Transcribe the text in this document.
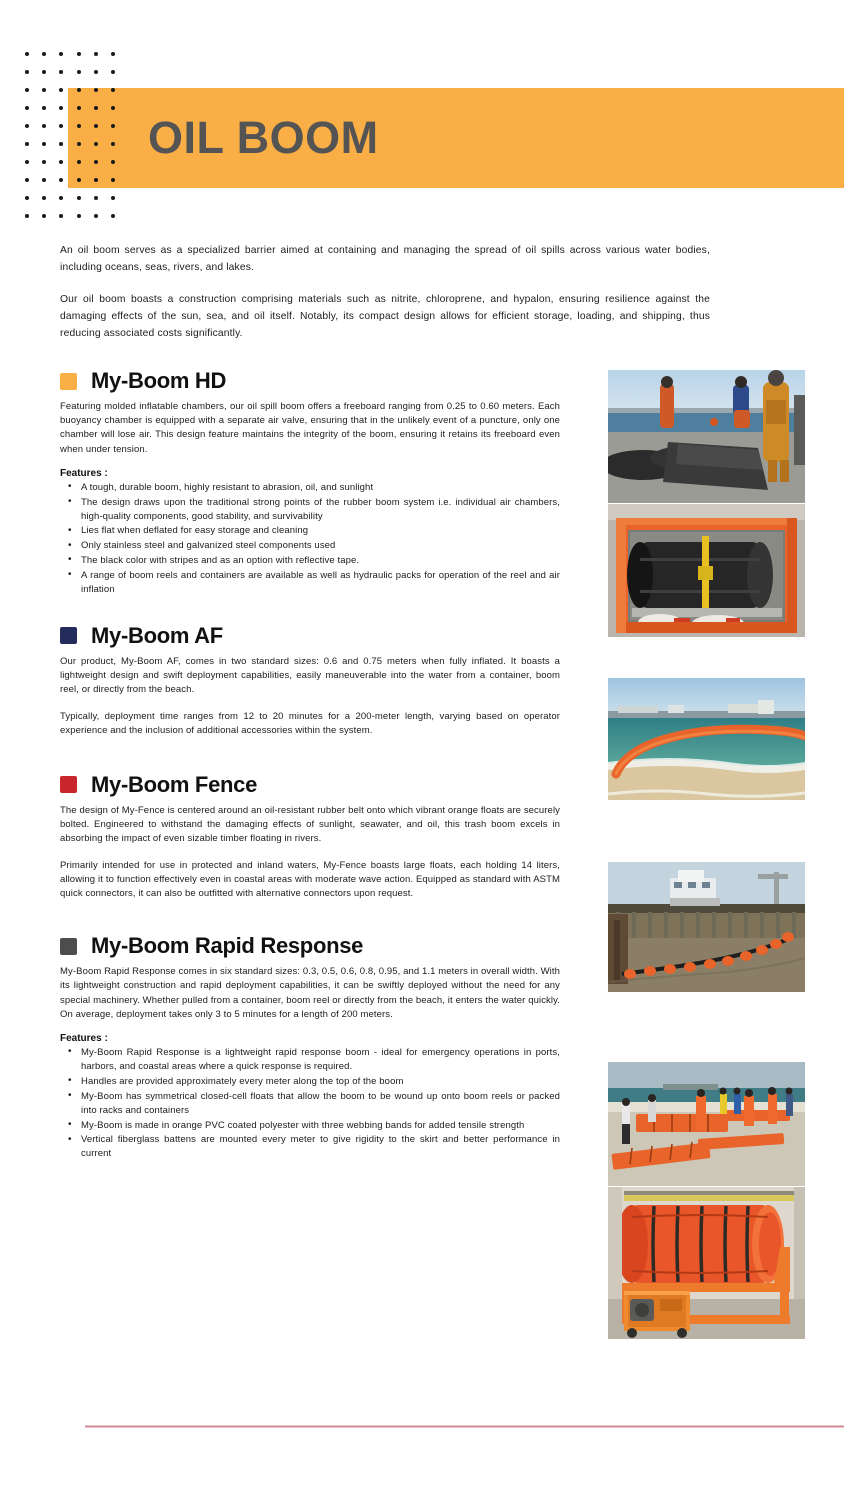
OIL BOOM

An oil boom serves as a specialized barrier aimed at containing and managing the spread of oil spills across various water bodies, including oceans, seas, rivers, and lakes.

Our oil boom boasts a construction comprising materials such as nitrite, chloroprene, and hypalon, ensuring resilience against the damaging effects of the sun, sea, and oil itself. Notably, its compact design allows for efficient storage, loading, and shipping, thus reducing associated costs significantly.

My-Boom HD

Featuring molded inflatable chambers, our oil spill boom offers a freeboard ranging from 0.25 to 0.60 meters. Each buoyancy chamber is equipped with a separate air valve, ensuring that in the unlikely event of a puncture, only one chamber will lose air. This design feature maintains the integrity of the boom, ensuring it retains its freeboard even when under tension.

Features :
• A tough, durable boom, highly resistant to abrasion, oil, and sunlight
• The design draws upon the traditional strong points of the rubber boom system i.e. individual air chambers, high-quality components, good stability, and survivability
• Lies flat when deflated for easy storage and cleaning
• Only stainless steel and galvanized steel components used
• The black color with stripes and as an option with reflective tape.
• A range of boom reels and containers are available as well as hydraulic packs for operation of the reel and air inflation
My-Boom AF

Our product, My-Boom AF, comes in two standard sizes: 0.6 and 0.75 meters when fully inflated. It boasts a lightweight design and swift deployment capabilities, easily maneuverable into the water from a container, boom reel, or directly from the beach.

Typically, deployment time ranges from 12 to 20 minutes for a 200-meter length, varying based on operator experience and the inclusion of additional accessories within the system.

My-Boom Fence

The design of My-Fence is centered around an oil-resistant rubber belt onto which vibrant orange floats are securely bolted. Engineered to withstand the damaging effects of sunlight, seawater, and oil, this trash boom excels in absorbing the impact of even sizable timber floating in rivers.

Primarily intended for use in protected and inland waters, My-Fence boasts large floats, each holding 14 liters, allowing it to function effectively even in coastal areas with moderate wave action. Equipped as standard with ASTM quick connectors, it can also be outfitted with alternative connectors upon request.

My-Boom Rapid Response

My-Boom Rapid Response comes in six standard sizes: 0.3, 0.5, 0.6, 0.8, 0.95, and 1.1 meters in overall width. With its lightweight construction and rapid deployment capabilities, it can be swiftly deployed without the need for any special machinery. Whether pulled from a container, boom reel or directly from the beach, it enters the water quickly. On average, deployment takes only 3 to 5 minutes for a length of 200 meters.

Features :
• My-Boom Rapid Response is a lightweight rapid response boom - ideal for emergency operations in ports, harbors, and coastal areas where a quick response is required.
• Handles are provided approximately every meter along the top of the boom
• My-Boom has symmetrical closed-cell floats that allow the boom to be wound up onto boom reels or packed into racks and containers
• My-Boom is made in orange PVC coated polyester with three webbing bands for added tensile strength
• Vertical fiberglass battens are mounted every meter to give rigidity to the skirt and better performance in current
